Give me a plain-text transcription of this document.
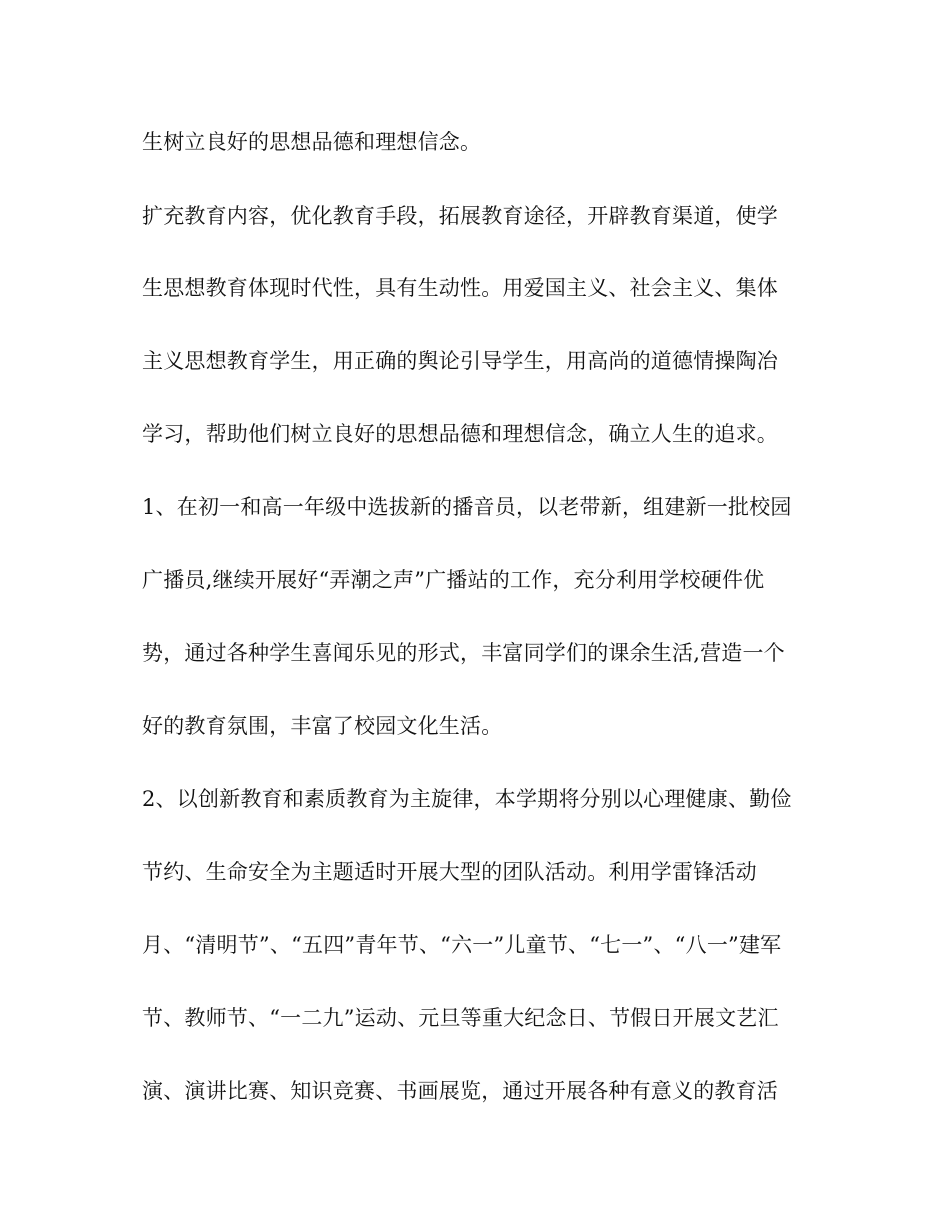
生树立良好的思想品德和理想信念。
扩充教育内容，优化教育手段，拓展教育途径，开辟教育渠道，使学
生思想教育体现时代性，具有生动性。用爱国主义、社会主义、集体
主义思想教育学生，用正确的舆论引导学生，用高尚的道德情操陶冶
学习，帮助他们树立良好的思想品德和理想信念，确立人生的追求。
1、在初一和高一年级中选拔新的播音员，以老带新，组建新一批校园
广播员,继续开展好“弄潮之声”广播站的工作，充分利用学校硬件优
势，通过各种学生喜闻乐见的形式，丰富同学们的课余生活,营造一个
好的教育氛围，丰富了校园文化生活。
2、以创新教育和素质教育为主旋律，本学期将分别以心理健康、勤俭
节约、生命安全为主题适时开展大型的团队活动。利用学雷锋活动
月、“清明节”、“五四”青年节、“六一”儿童节、“七一”、“八一”建军
节、教师节、“一二九”运动、元旦等重大纪念日、节假日开展文艺汇
演、演讲比赛、知识竞赛、书画展览，通过开展各种有意义的教育活
